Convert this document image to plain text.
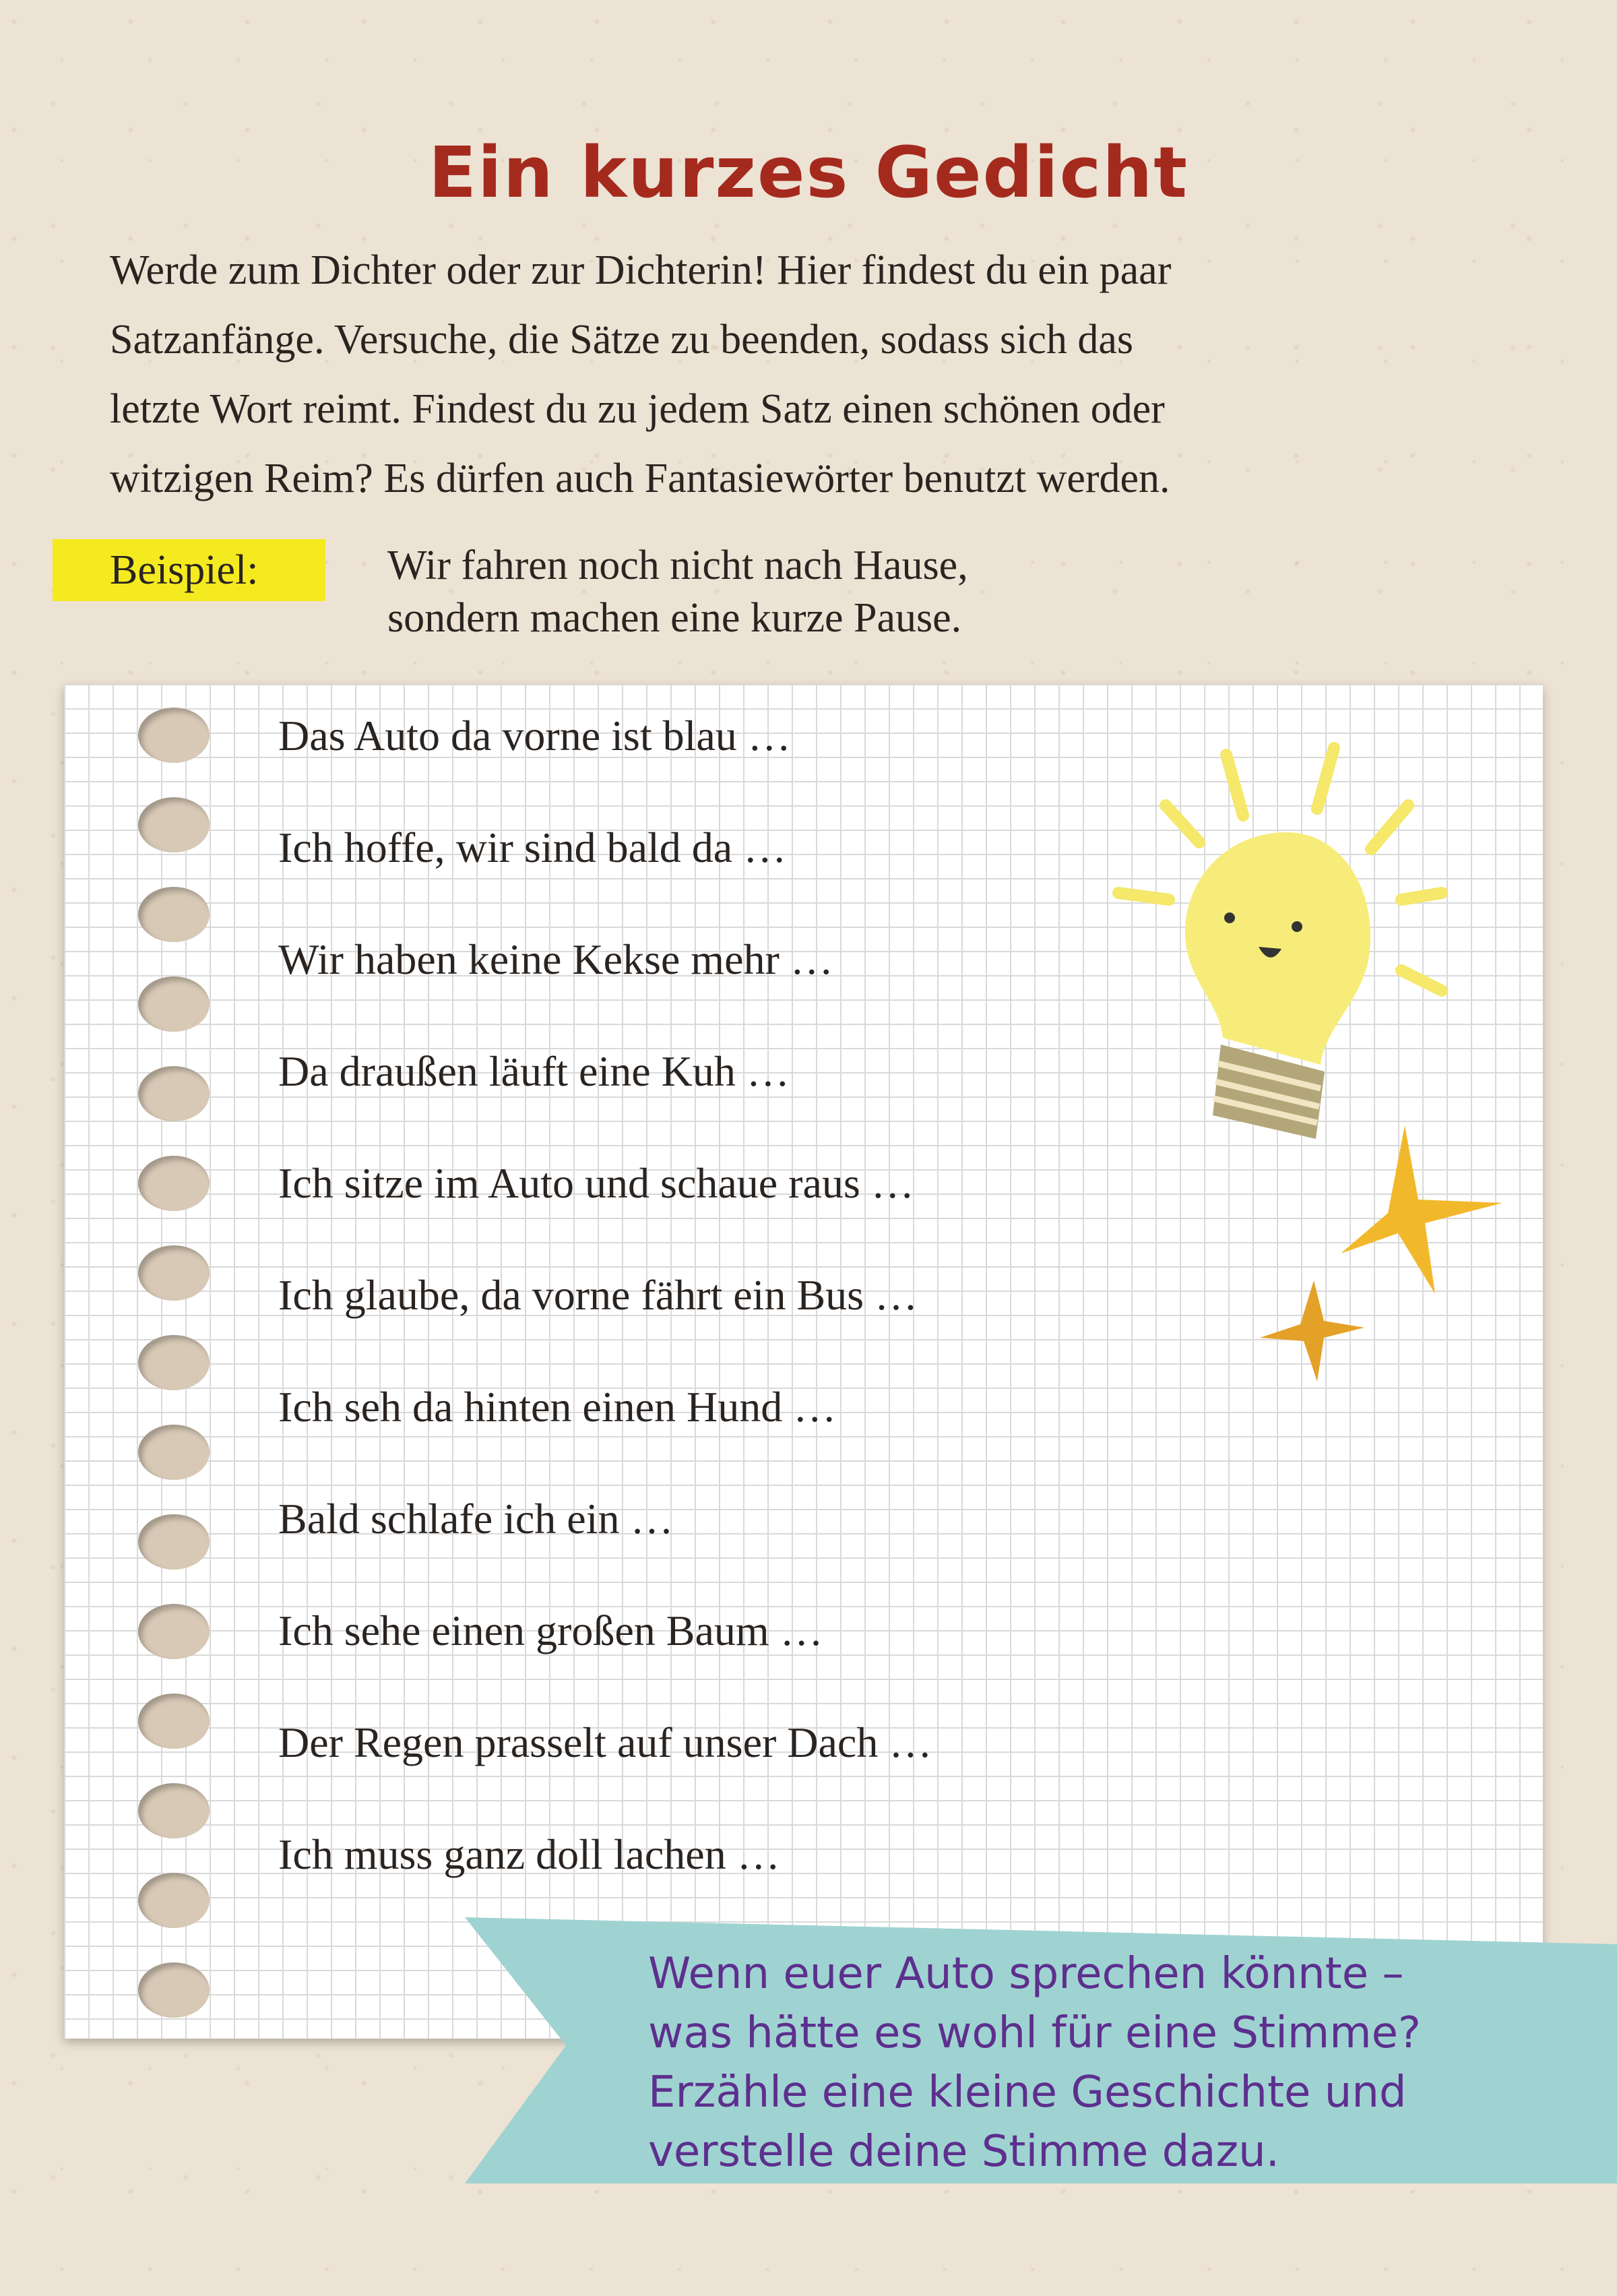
Ein kurzes Gedicht
Werde zum Dichter oder zur Dichterin! Hier findest du ein paar
Satzanfänge. Versuche, die Sätze zu beenden, sodass sich das
letzte Wort reimt. Findest du zu jedem Satz einen schönen oder
witzigen Reim? Es dürfen auch Fantasiewörter benutzt werden.
Beispiel:	Wir fahren noch nicht nach Hause,
sondern machen eine kurze Pause.
Das Auto da vorne ist blau …
Ich hoffe, wir sind bald da …
Wir haben keine Kekse mehr …
Da draußen läuft eine Kuh …
Ich sitze im Auto und schaue raus …
Ich glaube, da vorne fährt ein Bus …
Ich seh da hinten einen Hund …
Bald schlafe ich ein …
Ich sehe einen großen Baum …
Der Regen prasselt auf unser Dach …
Ich muss ganz doll lachen …
Wenn euer Auto sprechen könnte –
was hätte es wohl für eine Stimme?
Erzähle eine kleine Geschichte und
verstelle deine Stimme dazu.
